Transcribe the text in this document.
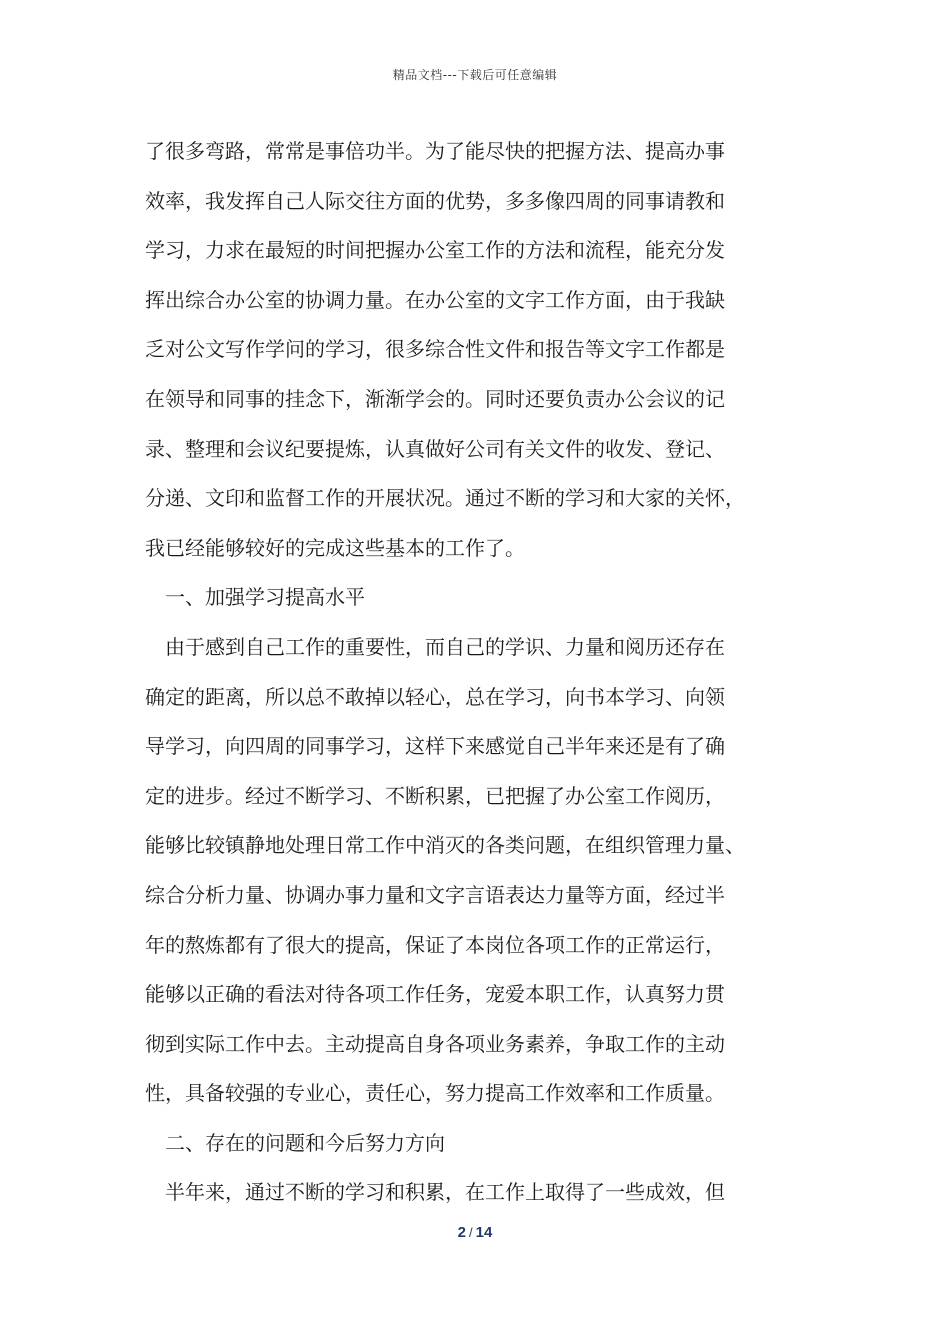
精品文档---下载后可任意编辑
了很多弯路，常常是事倍功半。为了能尽快的把握方法、提高办事
效率，我发挥自己人际交往方面的优势，多多像四周的同事请教和
学习，力求在最短的时间把握办公室工作的方法和流程，能充分发
挥出综合办公室的协调力量。在办公室的文字工作方面，由于我缺
乏对公文写作学问的学习，很多综合性文件和报告等文字工作都是
在领导和同事的挂念下，渐渐学会的。同时还要负责办公会议的记
录、整理和会议纪要提炼，认真做好公司有关文件的收发、登记、
分递、文印和监督工作的开展状况。通过不断的学习和大家的关怀，
我已经能够较好的完成这些基本的工作了。
一、加强学习提高水平
由于感到自己工作的重要性，而自己的学识、力量和阅历还存在
确定的距离，所以总不敢掉以轻心，总在学习，向书本学习、向领
导学习，向四周的同事学习，这样下来感觉自己半年来还是有了确
定的进步。经过不断学习、不断积累，已把握了办公室工作阅历，
能够比较镇静地处理日常工作中消灭的各类问题，在组织管理力量、
综合分析力量、协调办事力量和文字言语表达力量等方面，经过半
年的熬炼都有了很大的提高，保证了本岗位各项工作的正常运行，
能够以正确的看法对待各项工作任务，宠爱本职工作，认真努力贯
彻到实际工作中去。主动提高自身各项业务素养，争取工作的主动
性，具备较强的专业心，责任心，努力提高工作效率和工作质量。
二、存在的问题和今后努力方向
半年来，通过不断的学习和积累，在工作上取得了一些成效，但
2 / 14
